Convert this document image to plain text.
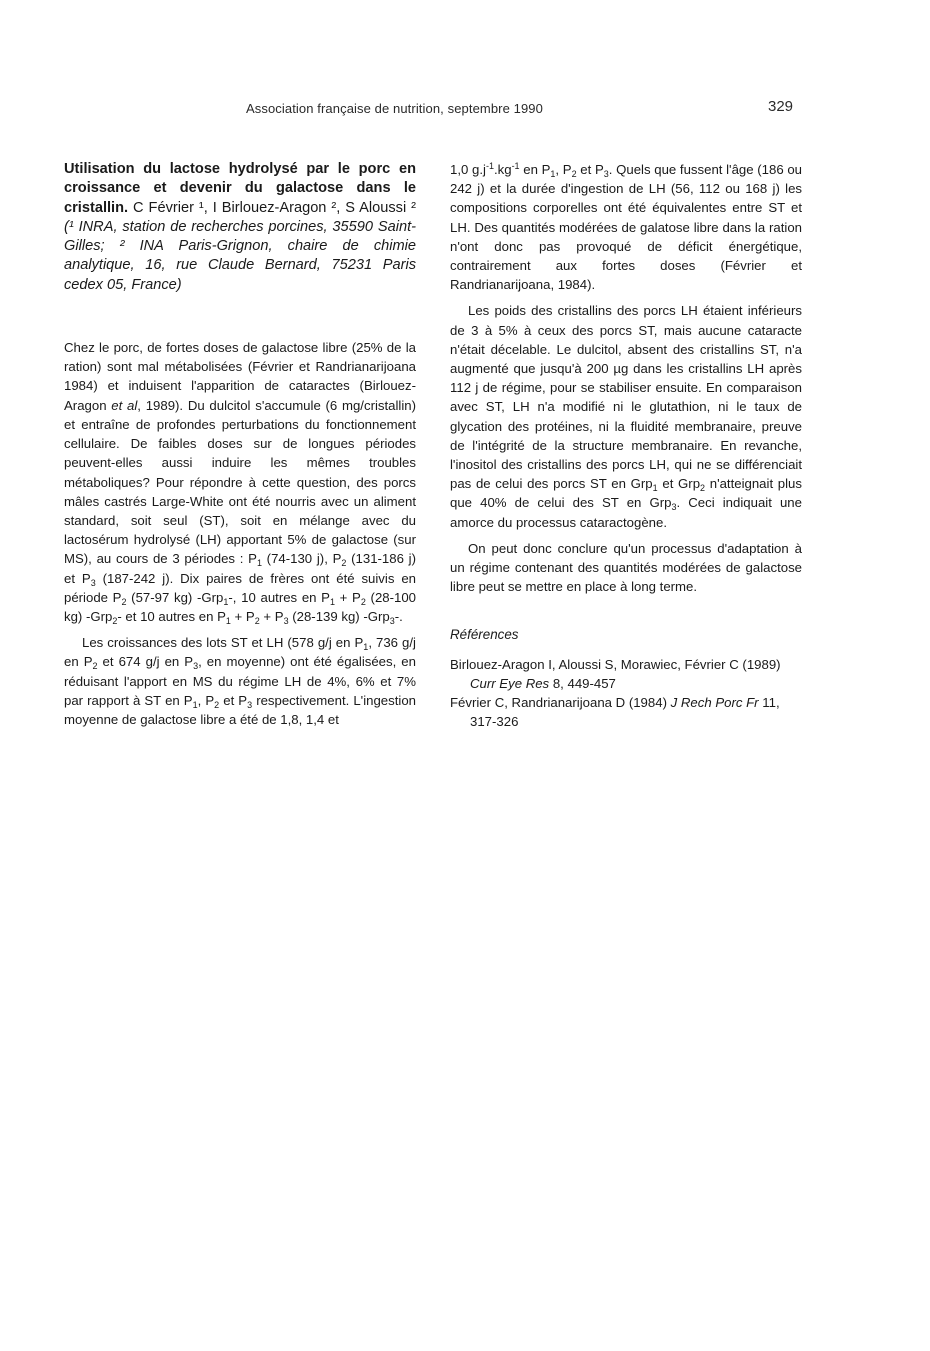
Association française de nutrition, septembre 1990	329

Utilisation du lactose hydrolysé par le porc en croissance et devenir du galactose dans le cristallin. C Février ¹, I Birlouez-Aragon ², S Aloussi ² (¹ INRA, station de recherches porcines, 35590 Saint-Gilles; ² INA Paris-Grignon, chaire de chimie analytique, 16, rue Claude Bernard, 75231 Paris cedex 05, France)

Chez le porc, de fortes doses de galactose libre (25% de la ration) sont mal métabolisées (Février et Randrianarijoana 1984) et induisent l'apparition de cataractes (Birlouez-Aragon et al, 1989). Du dulcitol s'accumule (6 mg/cristallin) et entraîne de profondes perturbations du fonctionnement cellulaire. De faibles doses sur de longues périodes peuvent-elles aussi induire les mêmes troubles métaboliques? Pour répondre à cette question, des porcs mâles castrés Large-White ont été nourris avec un aliment standard, soit seul (ST), soit en mélange avec du lactosérum hydrolysé (LH) apportant 5% de galactose (sur MS), au cours de 3 périodes : $P_1$ (74-130 j), $P_2$ (131-186 j) et $P_3$ (187-242 j). Dix paires de frères ont été suivis en période $P_2$ (57-97 kg) -Grp$_1$-, 10 autres en $P_1 + P_2$ (28-100 kg) -Grp$_2$- et 10 autres en $P_1 + P_2 + P_3$ (28-139 kg) -Grp$_3$-.

Les croissances des lots ST et LH (578 g/j en $P_1$, 736 g/j en $P_2$ et 674 g/j en $P_3$, en moyenne) ont été égalisées, en réduisant l'apport en MS du régime LH de 4%, 6% et 7% par rapport à ST en $P_1$, $P_2$ et $P_3$ respectivement. L'ingestion moyenne de galactose libre a été de 1,8, 1,4 et

1,0 $g.j^{-1}.kg^{-1}$ en $P_1$, $P_2$ et $P_3$. Quels que fussent l'âge (186 ou 242 j) et la durée d'ingestion de LH (56, 112 ou 168 j) les compositions corporelles ont été équivalentes entre ST et LH. Des quantités modérées de galatose libre dans la ration n'ont donc pas provoqué de déficit énergétique, contrairement aux fortes doses (Février et Randrianarijoana, 1984).

Les poids des cristallins des porcs LH étaient inférieurs de 3 à 5% à ceux des porcs ST, mais aucune cataracte n'était décelable. Le dulcitol, absent des cristallins ST, n'a augmenté que jusqu'à 200 µg dans les cristallins LH après 112 j de régime, pour se stabiliser ensuite. En comparaison avec ST, LH n'a modifié ni le glutathion, ni le taux de glycation des protéines, ni la fluidité membranaire, preuve de l'intégrité de la structure membranaire. En revanche, l'inositol des cristallins des porcs LH, qui ne se différenciait pas de celui des porcs ST en Grp$_1$ et Grp$_2$ n'atteignait plus que 40% de celui des ST en Grp$_3$. Ceci indiquait une amorce du processus cataractogène.

On peut donc conclure qu'un processus d'adaptation à un régime contenant des quantités modérées de galactose libre peut se mettre en place à long terme.

Références

Birlouez-Aragon I, Aloussi S, Morawiec, Février C (1989) Curr Eye Res 8, 449-457

Février C, Randrianarijoana D (1984) J Rech Porc Fr 11, 317-326
